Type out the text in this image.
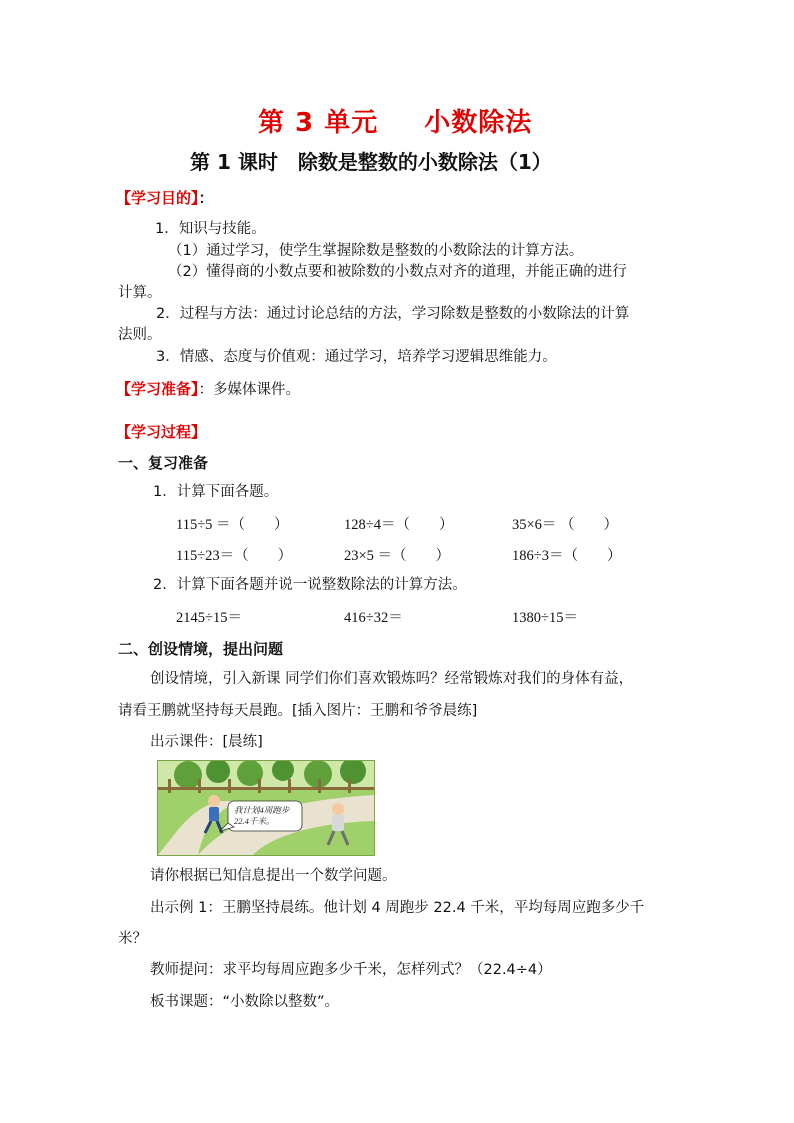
第 3 单元 小数除法
第 1 课时　除数是整数的小数除法（1）
【学习目的】：
1．知识与技能。
（1）通过学习，使学生掌握除数是整数的小数除法的计算方法。
（2）懂得商的小数点要和被除数的小数点对齐的道理，并能正确的进行
计算。
2．过程与方法：通过讨论总结的方法，学习除数是整数的小数除法的计算
法则。
3．情感、态度与价值观：通过学习，培养学习逻辑思维能力。
【学习准备】：多媒体课件。
【学习过程】
一、复习准备
1．计算下面各题。
115÷5 ＝（　　）	128÷4＝（　　）	35×6＝ （　　）
115÷23＝（　　）	23×5 ＝（　　）	186÷3＝（　　）
2．计算下面各题并说一说整数除法的计算方法。
2145÷15＝	416÷32＝	1380÷15＝
二、创设情境，提出问题
创设情境，引入新课 同学们你们喜欢锻炼吗？经常锻炼对我们的身体有益，
请看王鹏就坚持每天晨跑。[插入图片：王鹏和爷爷晨练]
出示课件：[晨练]
我计划4周跑步
22.4千米。
请你根据已知信息提出一个数学问题。
出示例 1：王鹏坚持晨练。他计划 4 周跑步 22.4 千米，平均每周应跑多少千
米？
教师提问：求平均每周应跑多少千米，怎样列式？（22.4÷4）
板书课题：“小数除以整数”。
